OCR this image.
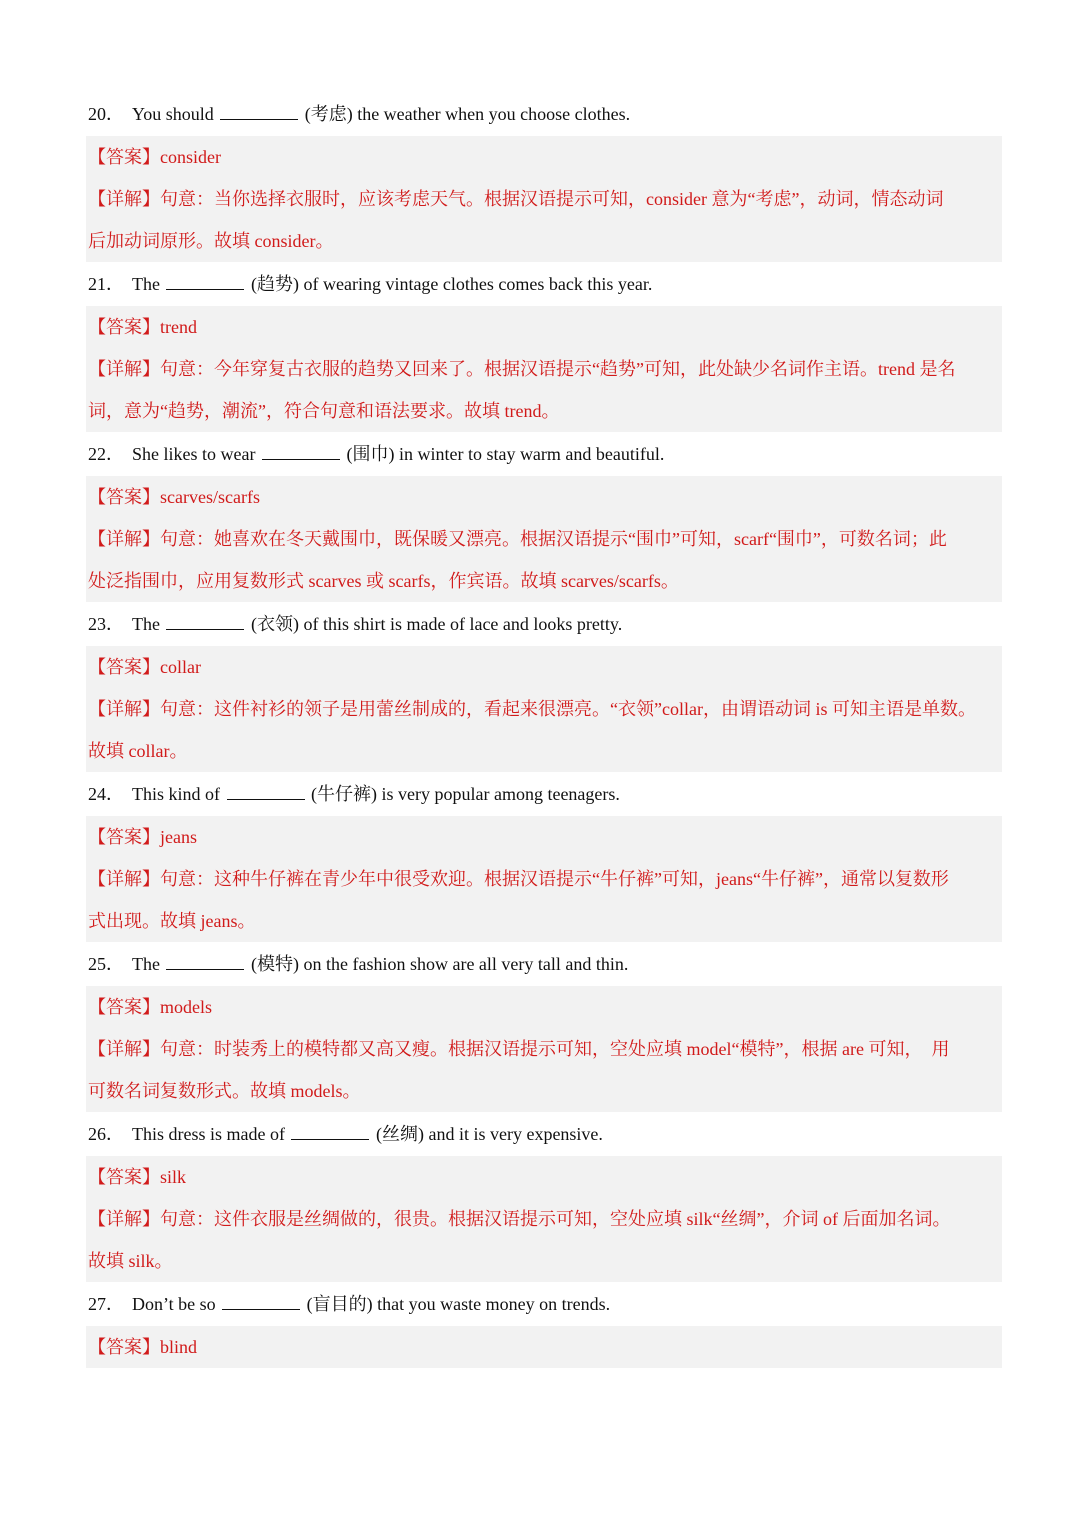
20． You should	(考虑) the weather when you choose clothes.
【答案】consider
【详解】句意：当你选择衣服时，应该考虑天气。根据汉语提示可知，consider 意为“考虑”，动词，情态动词
后加动词原形。故填 consider。
21． The	(趋势) of wearing vintage clothes comes back this year.
【答案】trend
【详解】句意：今年穿复古衣服的趋势又回来了。根据汉语提示“趋势”可知，此处缺少名词作主语。trend 是名
词，意为“趋势，潮流”，符合句意和语法要求。故填 trend。
22． She likes to wear	(围巾) in winter to stay warm and beautiful.
【答案】scarves/scarfs
【详解】句意：她喜欢在冬天戴围巾，既保暖又漂亮。根据汉语提示“围巾”可知，scarf“围巾”，可数名词；此
处泛指围巾，应用复数形式 scarves 或 scarfs，作宾语。故填 scarves/scarfs。
23． The	(衣领) of this shirt is made of lace and looks pretty.
【答案】collar
【详解】句意：这件衬衫的领子是用蕾丝制成的，看起来很漂亮。“衣领”collar，由谓语动词 is 可知主语是单数。
故填 collar。
24． This kind of	(牛仔裤) is very popular among teenagers.
【答案】jeans
【详解】句意：这种牛仔裤在青少年中很受欢迎。根据汉语提示“牛仔裤”可知，jeans“牛仔裤”，通常以复数形
式出现。故填 jeans。
25． The	(模特) on the fashion show are all very tall and thin.
【答案】models
【详解】句意：时装秀上的模特都又高又瘦。根据汉语提示可知，空处应填 model“模特”，根据 are 可知，　用
可数名词复数形式。故填 models。
26． This dress is made of	(丝绸) and it is very expensive.
【答案】silk
【详解】句意：这件衣服是丝绸做的，很贵。根据汉语提示可知，空处应填 silk“丝绸”，介词 of 后面加名词。
故填 silk。
27． Don’t be so	(盲目的) that you waste money on trends.
【答案】blind
